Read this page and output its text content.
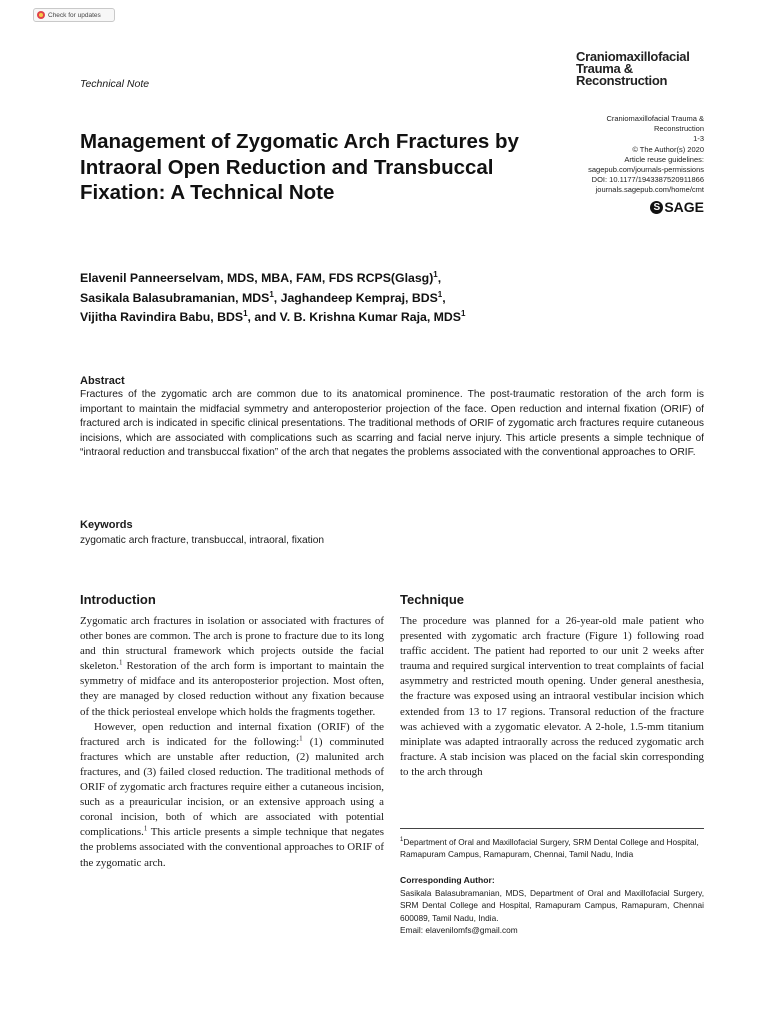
Check for updates
Technical Note
Craniomaxillofacial
Trauma &
Reconstruction
Craniomaxillofacial Trauma &
Reconstruction
1-3
© The Author(s) 2020
Article reuse guidelines:
sagepub.com/journals-permissions
DOI: 10.1177/1943387520911866
journals.sagepub.com/home/cmt
S SAGE
Management of Zygomatic Arch Fractures by Intraoral Open Reduction and Transbuccal Fixation: A Technical Note
Elavenil Panneerselvam, MDS, MBA, FAM, FDS RCPS(Glasg)$^1$,
Sasikala Balasubramanian, MDS$^1$, Jaghandeep Kempraj, BDS$^1$,
Vijitha Ravindira Babu, BDS$^1$, and V. B. Krishna Kumar Raja, MDS$^1$
Abstract
Fractures of the zygomatic arch are common due to its anatomical prominence. The post-traumatic restoration of the arch form is important to maintain the midfacial symmetry and anteroposterior projection of the face. Open reduction and internal fixation (ORIF) of fractured arch is indicated in specific clinical presentations. The traditional methods of ORIF of zygomatic arch fractures require cutaneous incisions, which are associated with complications such as scarring and facial nerve injury. This article presents a simple technique of “intraoral reduction and transbuccal fixation” of the arch that negates the problems associated with the conventional approaches to ORIF.
Keywords
zygomatic arch fracture, transbuccal, intraoral, fixation
Introduction

Zygomatic arch fractures in isolation or associated with fractures of other bones are common. The arch is prone to fracture due to its long and thin structural framework which projects outside the facial skeleton.$^1$ Restoration of the arch form is important to maintain the symmetry of midface and its anteroposterior projection. Most often, they are managed by closed reduction without any fixation because of the thick periosteal envelope which holds the fragments together.

However, open reduction and internal fixation (ORIF) of the fractured arch is indicated for the following:$^1$ (1) comminuted fractures which are unstable after reduction, (2) malunited arch fractures, and (3) failed closed reduction. The traditional methods of ORIF of zygomatic arch fractures require either a cutaneous incision, such as a preauricular incision, or an extensive approach using a coronal incision, both of which are associated with potential complications.$^1$ This article presents a simple technique that negates the problems associated with the conventional approaches to ORIF of the zygomatic arch.

Technique

The procedure was planned for a 26-year-old male patient who presented with zygomatic arch fracture (Figure 1) following road traffic accident. The patient had reported to our unit 2 weeks after trauma and required surgical intervention to treat complaints of facial asymmetry and restricted mouth opening. Under general anesthesia, the fracture was exposed using an intraoral vestibular incision which extended from 13 to 17 regions. Transoral reduction of the fracture was achieved with a zygomatic elevator. A 2-hole, 1.5-mm titanium miniplate was adapted intraorally across the reduced zygomatic arch fracture. A stab incision was placed on the facial skin corresponding to the arch through

$^1$Department of Oral and Maxillofacial Surgery, SRM Dental College and Hospital, Ramapuram Campus, Ramapuram, Chennai, Tamil Nadu, India
Corresponding Author:
Sasikala Balasubramanian, MDS, Department of Oral and Maxillofacial Surgery, SRM Dental College and Hospital, Ramapuram Campus, Ramapuram, Chennai 600089, Tamil Nadu, India.
Email: elavenilomfs@gmail.com
